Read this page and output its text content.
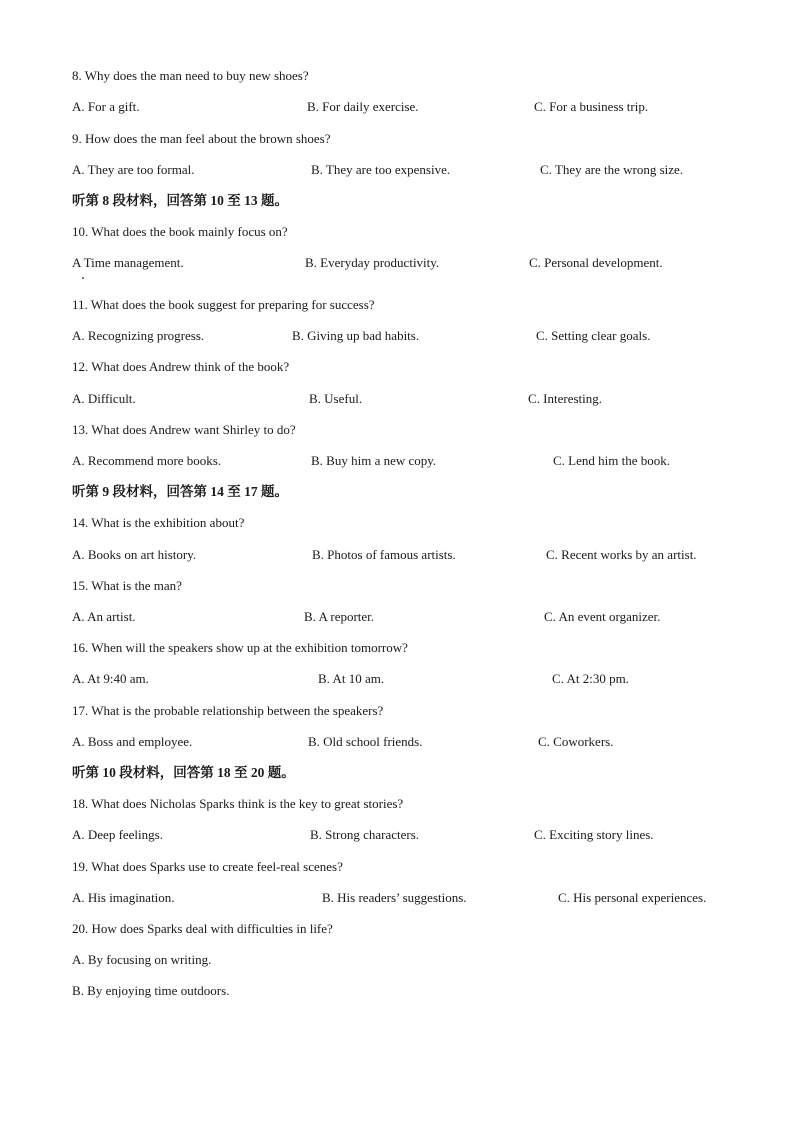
8. Why does the man need to buy new shoes?
A. For a gift.	B. For daily exercise.	C. For a business trip.
9. How does the man feel about the brown shoes?
A. They are too formal.	B. They are too expensive.	C. They are the wrong size.
听第 8 段材料，回答第 10 至 13 题。
10. What does the book mainly focus on?
A Time management.	B. Everyday productivity.	C. Personal development.
11. What does the book suggest for preparing for success?
A. Recognizing progress.	B. Giving up bad habits.	C. Setting clear goals.
12. What does Andrew think of the book?
A. Difficult.	B. Useful.	C. Interesting.
13. What does Andrew want Shirley to do?
A. Recommend more books.	B. Buy him a new copy.	C. Lend him the book.
听第 9 段材料，回答第 14 至 17 题。
14. What is the exhibition about?
A. Books on art history.	B. Photos of famous artists.	C. Recent works by an artist.
15. What is the man?
A. An artist.	B. A reporter.	C. An event organizer.
16. When will the speakers show up at the exhibition tomorrow?
A. At 9:40 am.	B. At 10 am.	C. At 2:30 pm.
17. What is the probable relationship between the speakers?
A. Boss and employee.	B. Old school friends.	C. Coworkers.
听第 10 段材料，回答第 18 至 20 题。
18. What does Nicholas Sparks think is the key to great stories?
A. Deep feelings.	B. Strong characters.	C. Exciting story lines.
19. What does Sparks use to create feel-real scenes?
A. His imagination.	B. His readers’ suggestions.	C. His personal experiences.
20. How does Sparks deal with difficulties in life?
A. By focusing on writing.
B. By enjoying time outdoors.
